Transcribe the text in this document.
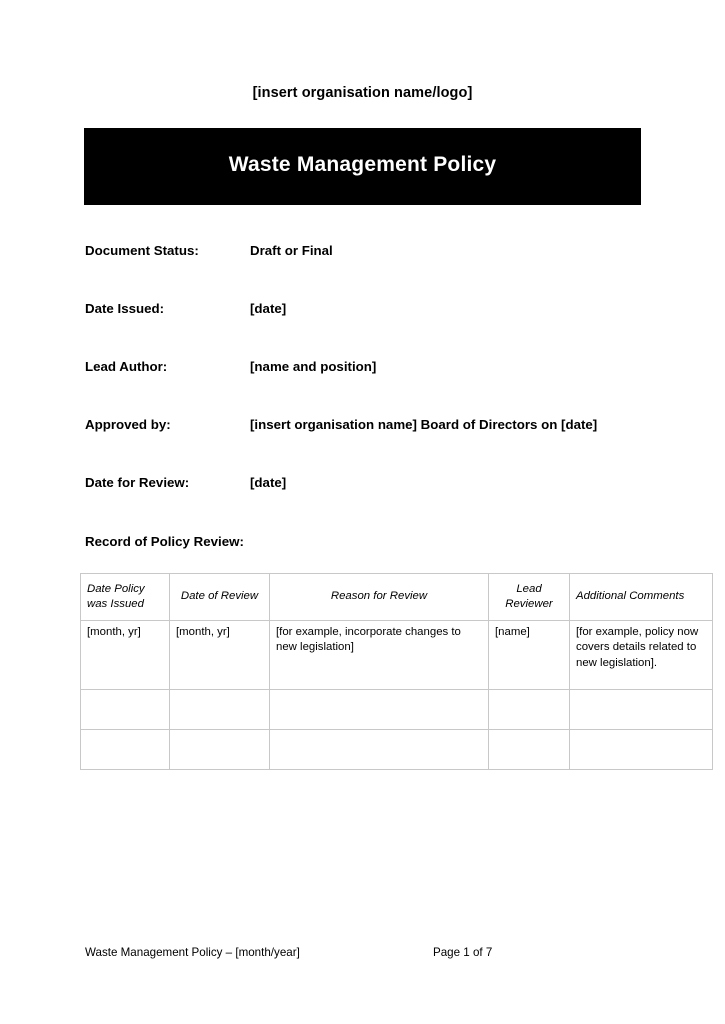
[insert organisation name/logo]
Waste Management Policy
Document Status:	Draft or Final
Date Issued:	[date]
Lead Author:	[name and position]
Approved by:	[insert organisation name] Board of Directors on [date]
Date for Review:	[date]
Record of Policy Review:
Date Policy was Issued	Date of Review	Reason for Review	Lead Reviewer	Additional Comments
[month, yr]	[month, yr]	[for example, incorporate changes to new legislation]	[name]	[for example, policy now covers details related to new legislation].

Waste Management Policy – [month/year]	Page 1 of 7
